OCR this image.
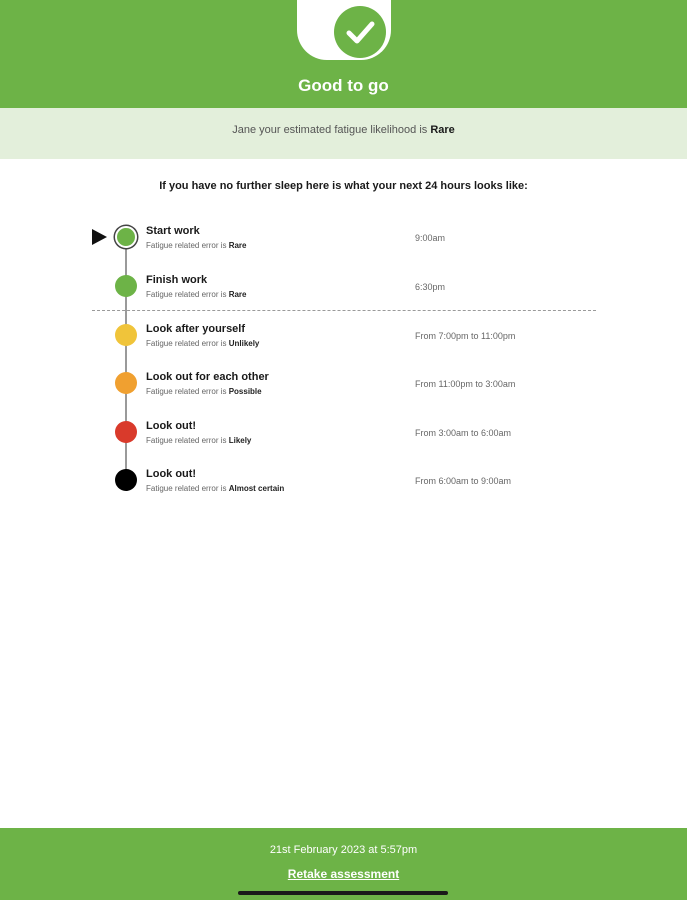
Good to go
Jane your estimated fatigue likelihood is Rare
If you have no further sleep here is what your next 24 hours looks like:
Start work
Fatigue related error is Rare
9:00am
Finish work
Fatigue related error is Rare
6:30pm
Look after yourself
Fatigue related error is Unlikely
From 7:00pm to 11:00pm
Look out for each other
Fatigue related error is Possible
From 11:00pm to 3:00am
Look out!
Fatigue related error is Likely
From 3:00am to 6:00am
Look out!
Fatigue related error is Almost certain
From 6:00am to 9:00am
21st February 2023 at 5:57pm
Retake assessment
